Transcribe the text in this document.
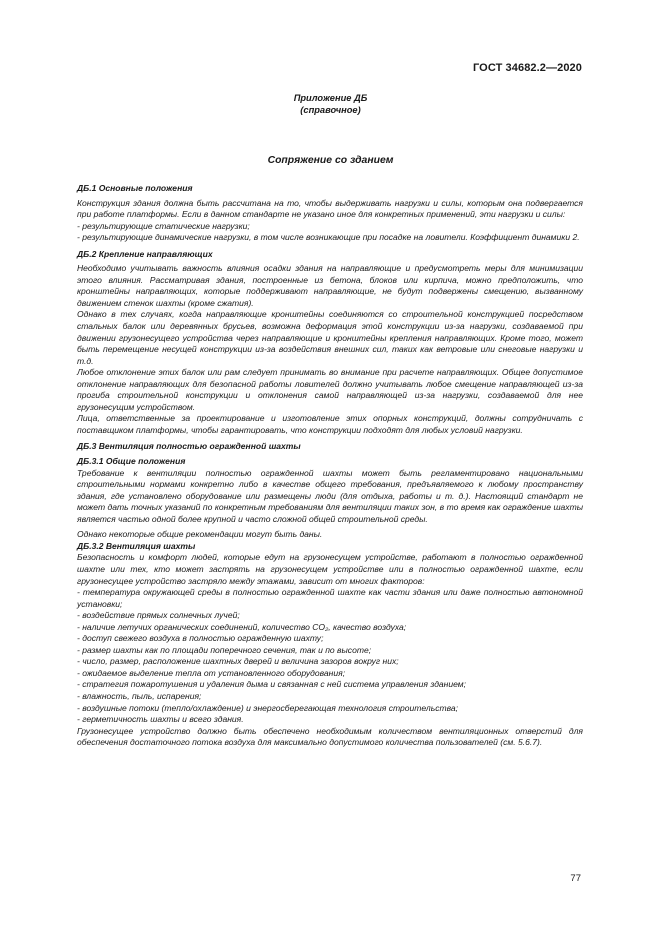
ГОСТ 34682.2—2020
Приложение ДБ
(справочное)
Сопряжение со зданием
ДБ.1 Основные положения
Конструкция здания должна быть рассчитана на то, чтобы выдерживать нагрузки и силы, которым она подвергается при работе платформы. Если в данном стандарте не указано иное для конкретных применений, эти нагрузки и силы:
- результирующие статические нагрузки;
- результирующие динамические нагрузки, в том числе возникающие при посадке на ловители. Коэффициент динамики 2.
ДБ.2 Крепление направляющих
Необходимо учитывать важность влияния осадки здания на направляющие и предусмотреть меры для минимизации этого влияния. Рассматривая здания, построенные из бетона, блоков или кирпича, можно предположить, что кронштейны направляющих, которые поддерживают направляющие, не будут подвержены смещению, вызванному движением стенок шахты (кроме сжатия).
Однако в тех случаях, когда направляющие кронштейны соединяются со строительной конструкцией посредством стальных балок или деревянных брусьев, возможна деформация этой конструкции из-за нагрузки, создаваемой при движении грузонесущего устройства через направляющие и кронштейны крепления направляющих. Кроме того, может быть перемещение несущей конструкции из-за воздействия внешних сил, таких как ветровые или снеговые нагрузки и т.д.
Любое отклонение этих балок или рам следует принимать во внимание при расчете направляющих. Общее допустимое отклонение направляющих для безопасной работы ловителей должно учитывать любое смещение направляющей из-за прогиба строительной конструкции и отклонения самой направляющей из-за нагрузки, создаваемой для нее грузонесущим устройством.
Лица, ответственные за проектирование и изготовление этих опорных конструкций, должны сотрудничать с поставщиком платформы, чтобы гарантировать, что конструкции подходят для любых условий нагрузки.
ДБ.3 Вентиляция полностью огражденной шахты
ДБ.3.1 Общие положения
Требование к вентиляции полностью огражденной шахты может быть регламентировано национальными строительными нормами конкретно либо в качестве общего требования, предъявляемого к любому пространству здания, где установлено оборудование или размещены люди (для отдыха, работы и т. д.). Настоящий стандарт не может дать точных указаний по конкретным требованиям для вентиляции таких зон, в то время как ограждение шахты является частью одной более крупной и часто сложной общей строительной среды.
Однако некоторые общие рекомендации могут быть даны.
ДБ.3.2 Вентиляция шахты
Безопасность и комфорт людей, которые едут на грузонесущем устройстве, работают в полностью огражденной шахте или тех, кто может застрять на грузонесущем устройстве или в полностью огражденной шахте, если грузонесущее устройство застряло между этажами, зависит от многих факторов:
- температура окружающей среды в полностью огражденной шахте как части здания или даже полностью автономной установки;
- воздействие прямых солнечных лучей;
- наличие летучих органических соединений, количество CO₂, качество воздуха;
- доступ свежего воздуха в полностью огражденную шахту;
- размер шахты как по площади поперечного сечения, так и по высоте;
- число, размер, расположение шахтных дверей и величина зазоров вокруг них;
- ожидаемое выделение тепла от установленного оборудования;
- стратегия пожаротушения и удаления дыма и связанная с ней система управления зданием;
- влажность, пыль, испарения;
- воздушные потоки (тепло/охлаждение) и энергосберегающая технология строительства;
- герметичность шахты и всего здания.
Грузонесущее устройство должно быть обеспечено необходимым количеством вентиляционных отверстий для обеспечения достаточного потока воздуха для максимально допустимого количества пользователей (см. 5.6.7).
77
